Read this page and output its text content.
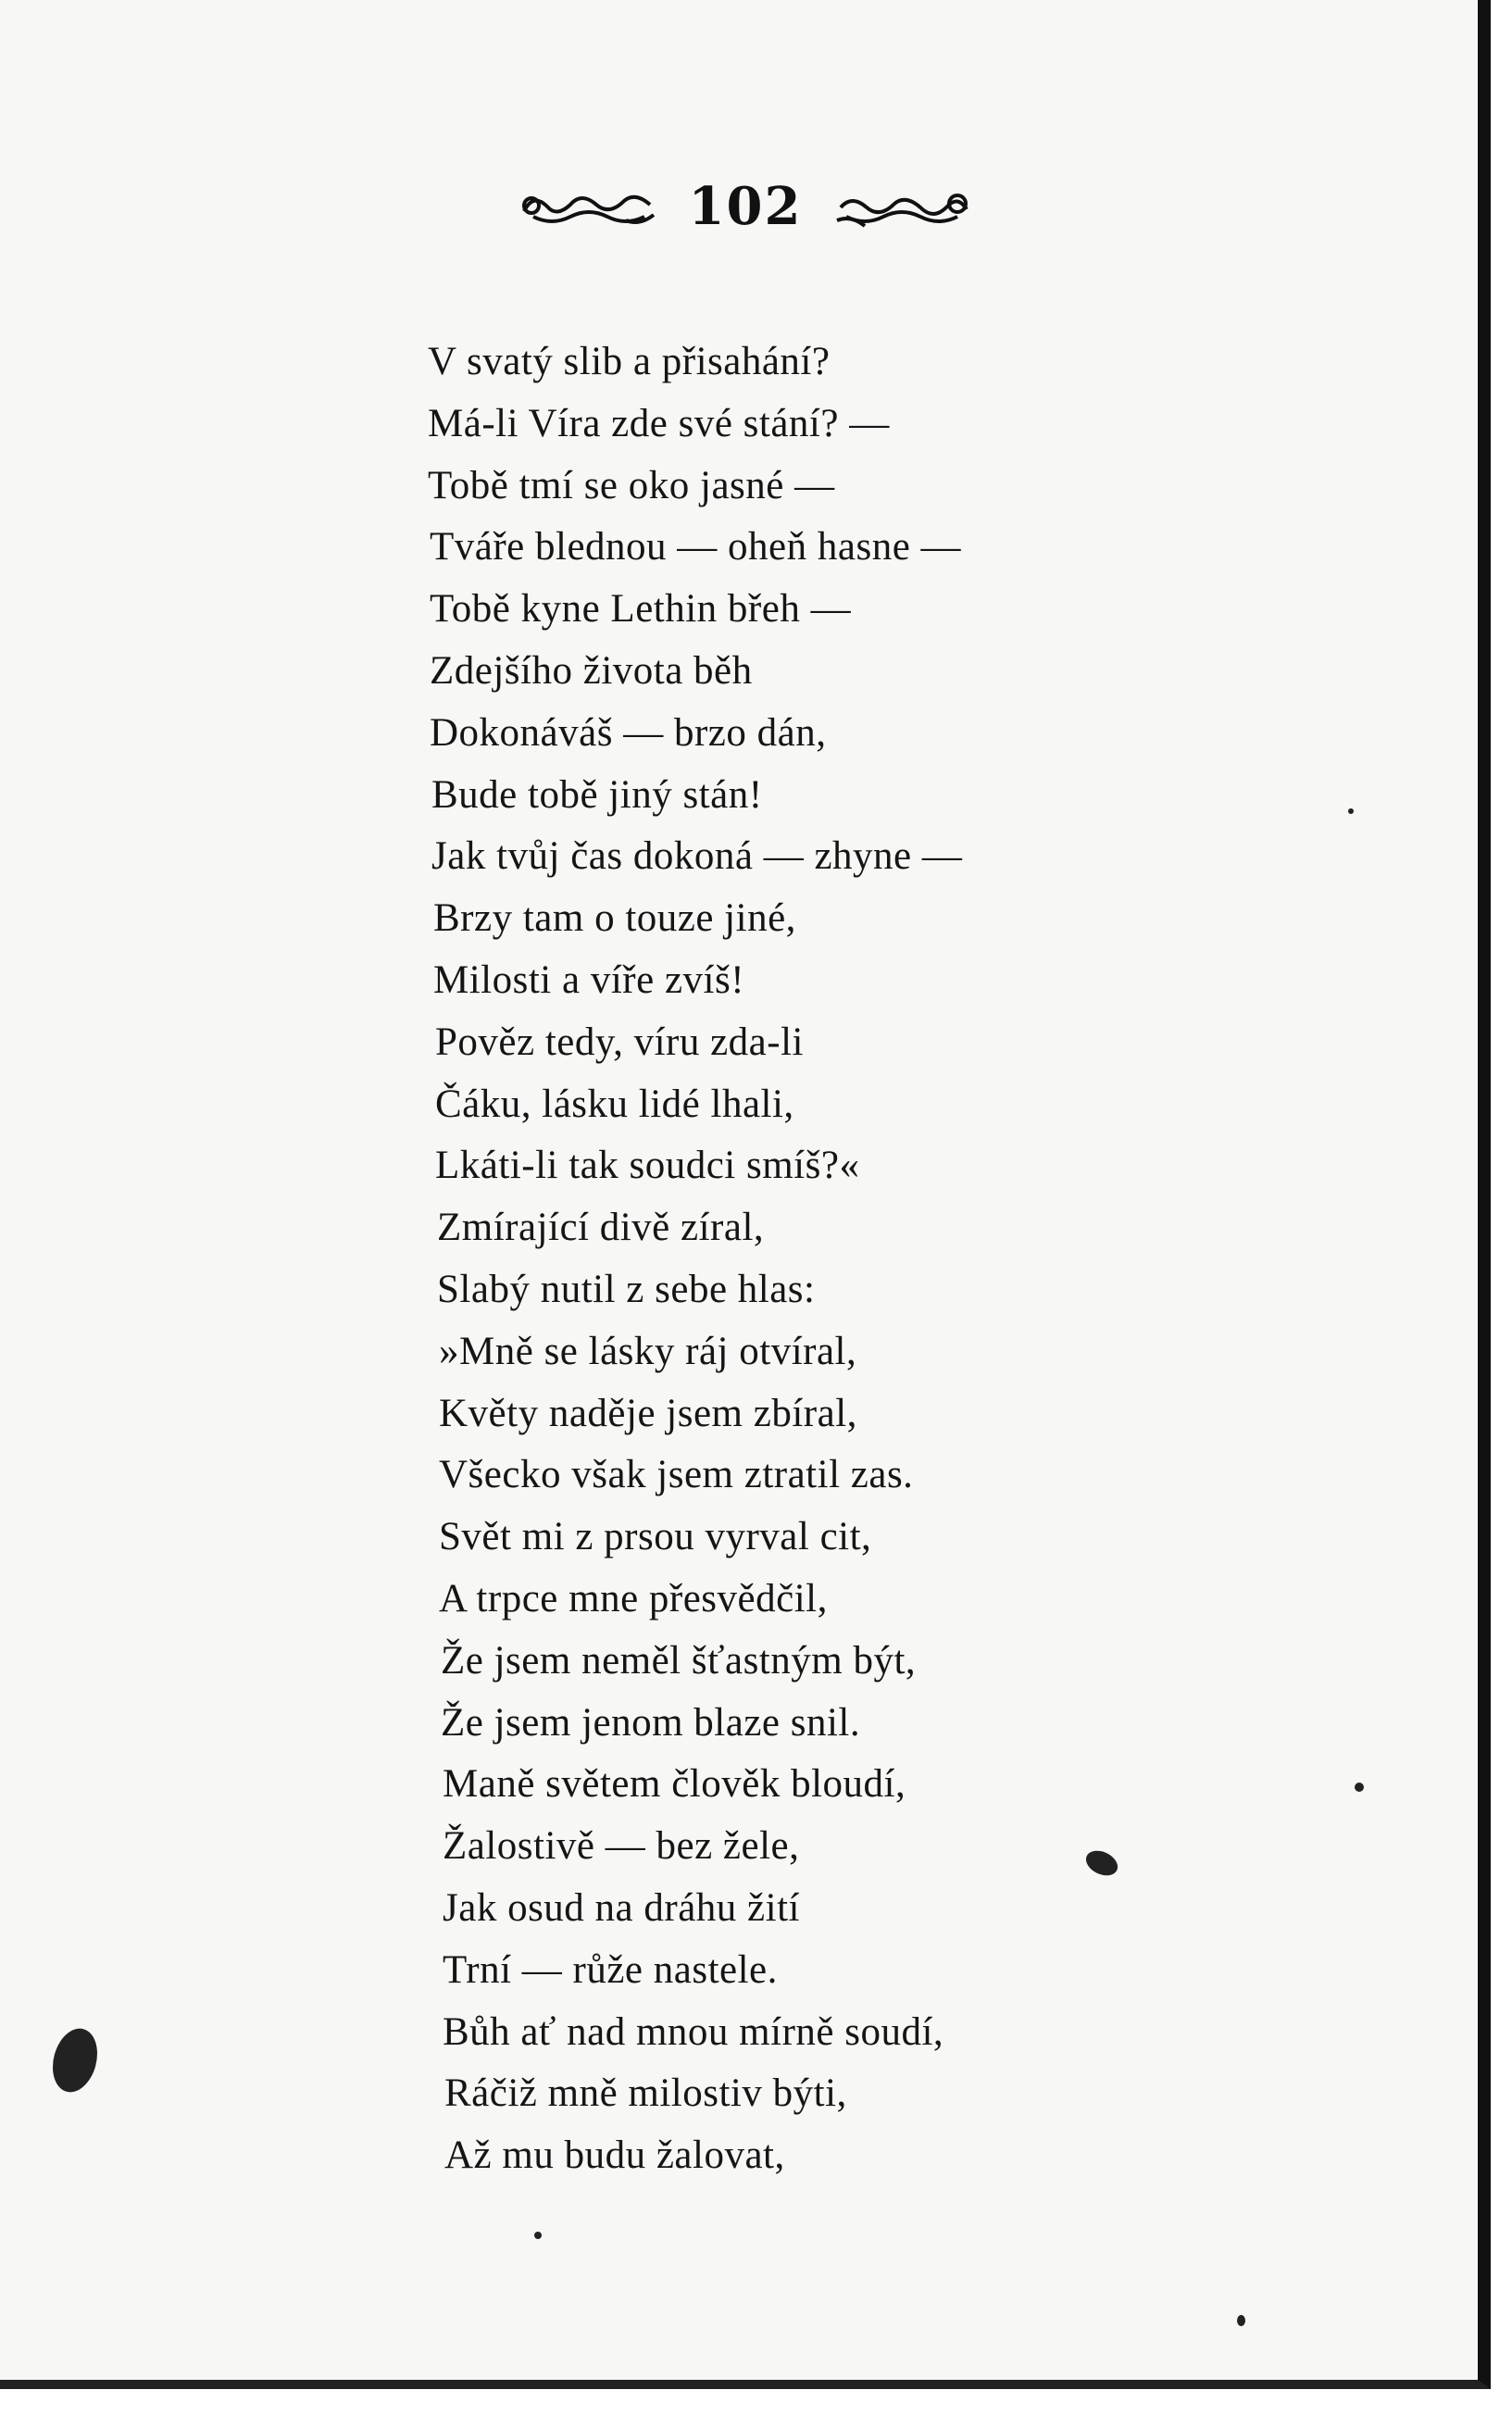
102
V svatý slib a přisahání?
Má-li Víra zde své stání? —
Tobě tmí se oko jasné —
Tváře blednou — oheň hasne —
Tobě kyne Lethin břeh —
Zdejšího života běh
Dokonáváš — brzo dán,
Bude tobě jiný stán!
Jak tvůj čas dokoná — zhyne —
Brzy tam o touze jiné,
Milosti a víře zvíš!
Pověz tedy, víru zda-li
Čáku, lásku lidé lhali,
Lkáti-li tak soudci smíš?«
Zmírající divě zíral,
Slabý nutil z sebe hlas:
»Mně se lásky ráj otvíral,
Květy naděje jsem zbíral,
Všecko však jsem ztratil zas.
Svět mi z prsou vyrval cit,
A trpce mne přesvědčil,
Že jsem neměl šťastným být,
Že jsem jenom blaze snil.
Maně světem člověk bloudí,
Žalostivě — bez žele,
Jak osud na dráhu žití
Trní — růže nastele.
Bůh ať nad mnou mírně soudí,
Ráčiž mně milostiv býti,
Až mu budu žalovat,
